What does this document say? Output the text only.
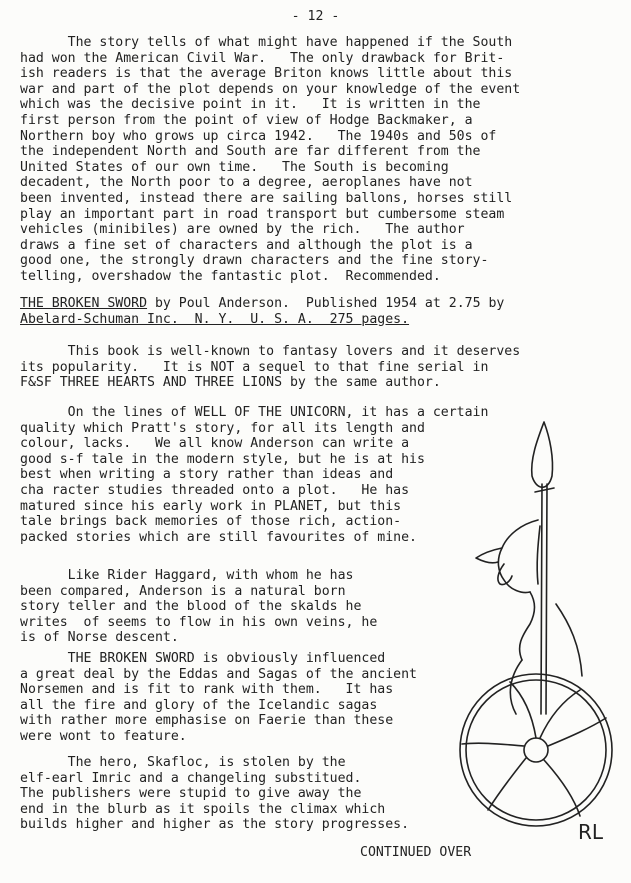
- 12 -

The story tells of what might have happened if the South
had won the American Civil War.   The only drawback for Brit-
ish readers is that the average Briton knows little about this
war and part of the plot depends on your knowledge of the event
which was the decisive point in it.   It is written in the
first person from the point of view of Hodge Backmaker, a
Northern boy who grows up circa 1942.   The 1940s and 50s of
the independent North and South are far different from the
United States of our own time.   The South is becoming
decadent, the North poor to a degree, aeroplanes have not
been invented, instead there are sailing ballons, horses still
play an important part in road transport but cumbersome steam
vehicles (minibiles) are owned by the rich.   The author
draws a fine set of characters and although the plot is a
good one, the strongly drawn characters and the fine story-
telling, overshadow the fantastic plot.  Recommended.

THE BROKEN SWORD by Poul Anderson.  Published 1954 at 2.75 by
Abelard-Schuman Inc.  N. Y.  U. S. A.  275 pages.

This book is well-known to fantasy lovers and it deserves
its popularity.   It is NOT a sequel to that fine serial in
F&SF THREE HEARTS AND THREE LIONS by the same author.

On the lines of WELL OF THE UNICORN, it has a certain
quality which Pratt's story, for all its length and
colour, lacks.   We all know Anderson can write a
good s-f tale in the modern style, but he is at his
best when writing a story rather than ideas and
cha racter studies threaded onto a plot.   He has
matured since his early work in PLANET, but this
tale brings back memories of those rich, action-
packed stories which are still favourites of mine.

Like Rider Haggard, with whom he has
been compared, Anderson is a natural born
story teller and the blood of the skalds he
writes  of seems to flow in his own veins, he
is of Norse descent.

THE BROKEN SWORD is obviously influenced
a great deal by the Eddas and Sagas of the ancient
Norsemen and is fit to rank with them.   It has
all the fire and glory of the Icelandic sagas
with rather more emphasise on Faerie than these
were wont to feature.

The hero, Skafloc, is stolen by the
elf-earl Imric and a changeling substitued.
The publishers were stupid to give away the
end in the blurb as it spoils the climax which
builds higher and higher as the story progresses.	RL
CONTINUED OVER
